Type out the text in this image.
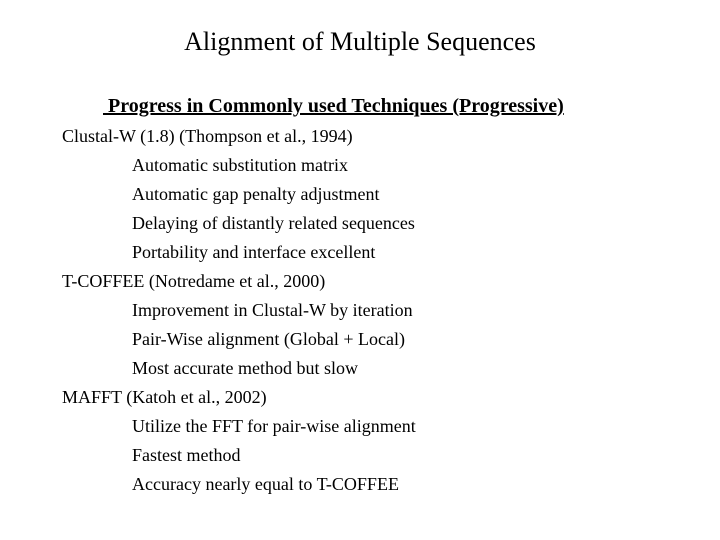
Alignment of Multiple Sequences
Progress in Commonly used Techniques (Progressive)
Clustal-W (1.8) (Thompson et al., 1994)
Automatic substitution matrix
Automatic gap penalty adjustment
Delaying of distantly related sequences
Portability and interface excellent
T-COFFEE (Notredame et al., 2000)
Improvement in Clustal-W by iteration
Pair-Wise alignment (Global + Local)
Most accurate method but slow
MAFFT (Katoh et al., 2002)
Utilize the FFT for pair-wise alignment
Fastest method
Accuracy nearly equal to T-COFFEE
